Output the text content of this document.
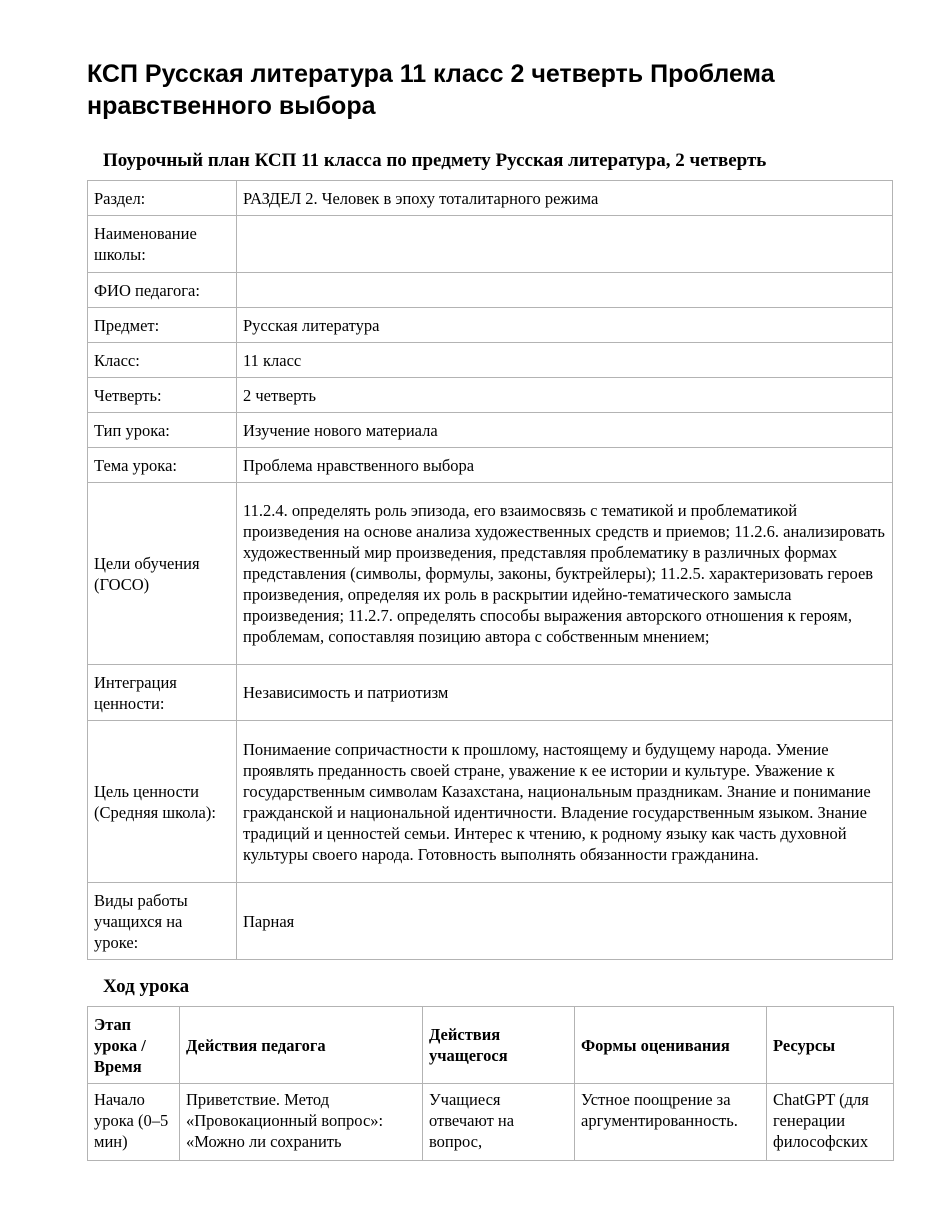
КСП Русская литература 11 класс 2 четверть Проблема нравственного выбора
Поурочный план КСП 11 класса по предмету Русская литература, 2 четверть
Раздел:	РАЗДЕЛ 2. Человек в эпоху тоталитарного режима
Наименование школы:	
ФИО педагога:	
Предмет:	Русская литература
Класс:	11 класс
Четверть:	2 четверть
Тип урока:	Изучение нового материала
Тема урока:	Проблема нравственного выбора
Цели обучения (ГОСО)	11.2.4. определять роль эпизода, его взаимосвязь с тематикой и проблематикой произведения на основе анализа художественных средств и приемов; 11.2.6. анализировать художественный мир произведения, представляя проблематику в различных формах представления (символы, формулы, законы, буктрейлеры); 11.2.5. характеризовать героев произведения, определяя их роль в раскрытии идейно-тематического замысла произведения; 11.2.7. определять способы выражения авторского отношения к героям, проблемам, сопоставляя позицию автора с собственным мнением;
Интеграция ценности:	Независимость и патриотизм
Цель ценности (Средняя школа):	Понимаение сопричастности к прошлому, настоящему и будущему народа. Умение проявлять преданность своей стране, уважение к ее истории и культуре. Уважение к государственным символам Казахстана, национальным праздникам. Знание и понимание гражданской и национальной идентичности. Владение государственным языком. Знание традиций и ценностей семьи. Интерес к чтению, к родному языку как часть духовной культуры своего народа. Готовность выполнять обязанности гражданина.
Виды работы учащихся на уроке:	Парная
Ход урока
Этап урока / Время	Действия педагога	Действия учащегося	Формы оценивания	Ресурсы
Начало урока (0–5 мин)	Приветствие. Метод «Провокационный вопрос»: «Можно ли сохранить	Учащиеся отвечают на вопрос,	Устное поощрение за аргументированность.	ChatGPT (для генерации философских
